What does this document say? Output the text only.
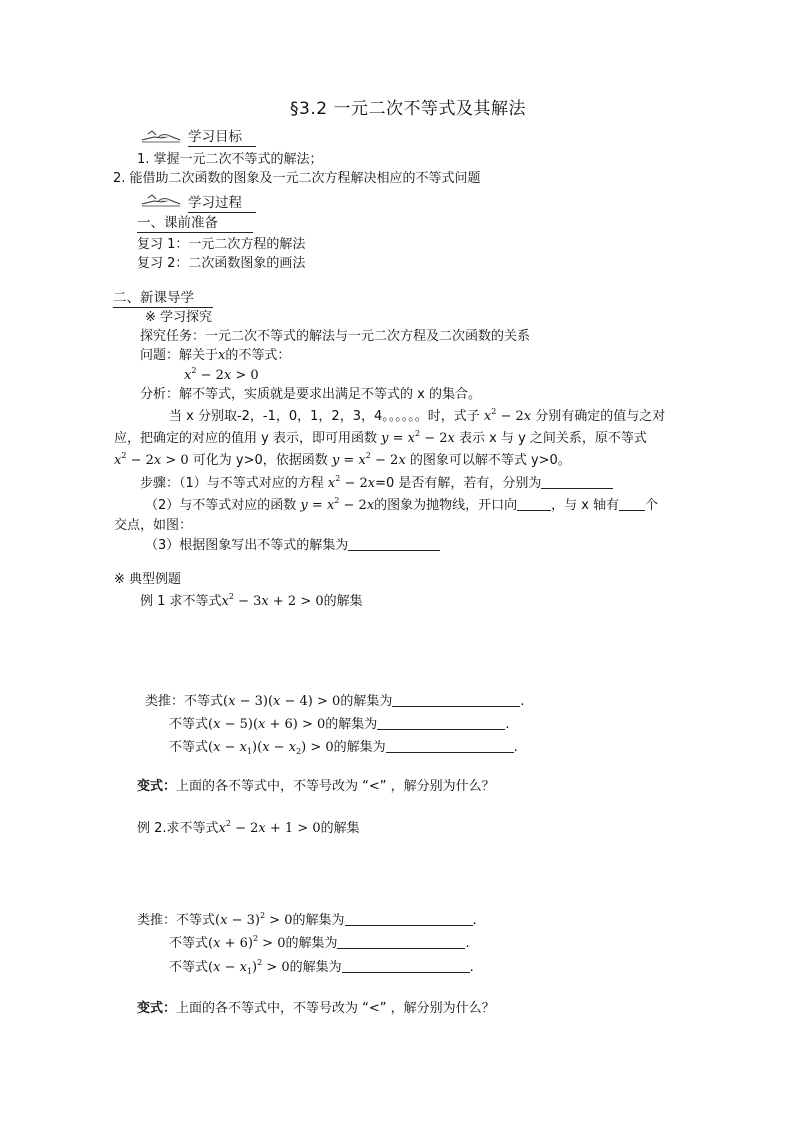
§3.2 一元二次不等式及其解法
学习目标
1. 掌握一元二次不等式的解法；
2. 能借助二次函数的图象及一元二次方程解决相应的不等式问题
学习过程
一、课前准备
复习 1：一元二次方程的解法
复习 2：二次函数图象的画法
二、新课导学
※ 学习探究
探究任务：一元二次不等式的解法与一元二次方程及二次函数的关系
问题：解关于x的不等式：
$x^2 - 2x > 0$
分析：解不等式，实质就是要求出满足不等式的 x 的集合。
当 x 分别取-2，-1，0，1，2，3，4。。。。。。时，式子 $x^2 - 2x$ 分别有确定的值与之对
应，把确定的对应的值用 y 表示，即可用函数 $y = x^2 - 2x$ 表示 x 与 y 之间关系，原不等式
$x^2 - 2x > 0$ 可化为 y>0，依据函数 $y = x^2 - 2x$ 的图象可以解不等式 y>0。
步骤：（1）与不等式对应的方程 $x^2 - 2x=0$ 是否有解，若有，分别为
（2）与不等式对应的函数 $y = x^2 - 2x$的图象为抛物线，开口向	，与 x 轴有 个
交点，如图：
（3）根据图象写出不等式的解集为
※ 典型例题
例 1 求不等式$x^2 - 3x + 2 > 0$的解集
类推：不等式(x − 3)(x − 4) > 0的解集为	.
不等式(x − 5)(x + 6) > 0的解集为	.
不等式$(x - x_1)(x - x_2) > 0$的解集为	.
变式：上面的各不等式中，不等号改为 “<” ，解分别为什么？
例 2.求不等式$x^2 - 2x + 1 > 0$的解集
类推：不等式$(x - 3)^2 > 0$的解集为	.
不等式$(x + 6)^2 > 0$的解集为	.
不等式$(x - x_1)^2 > 0$的解集为	.
变式：上面的各不等式中，不等号改为 “<” ，解分别为什么？
